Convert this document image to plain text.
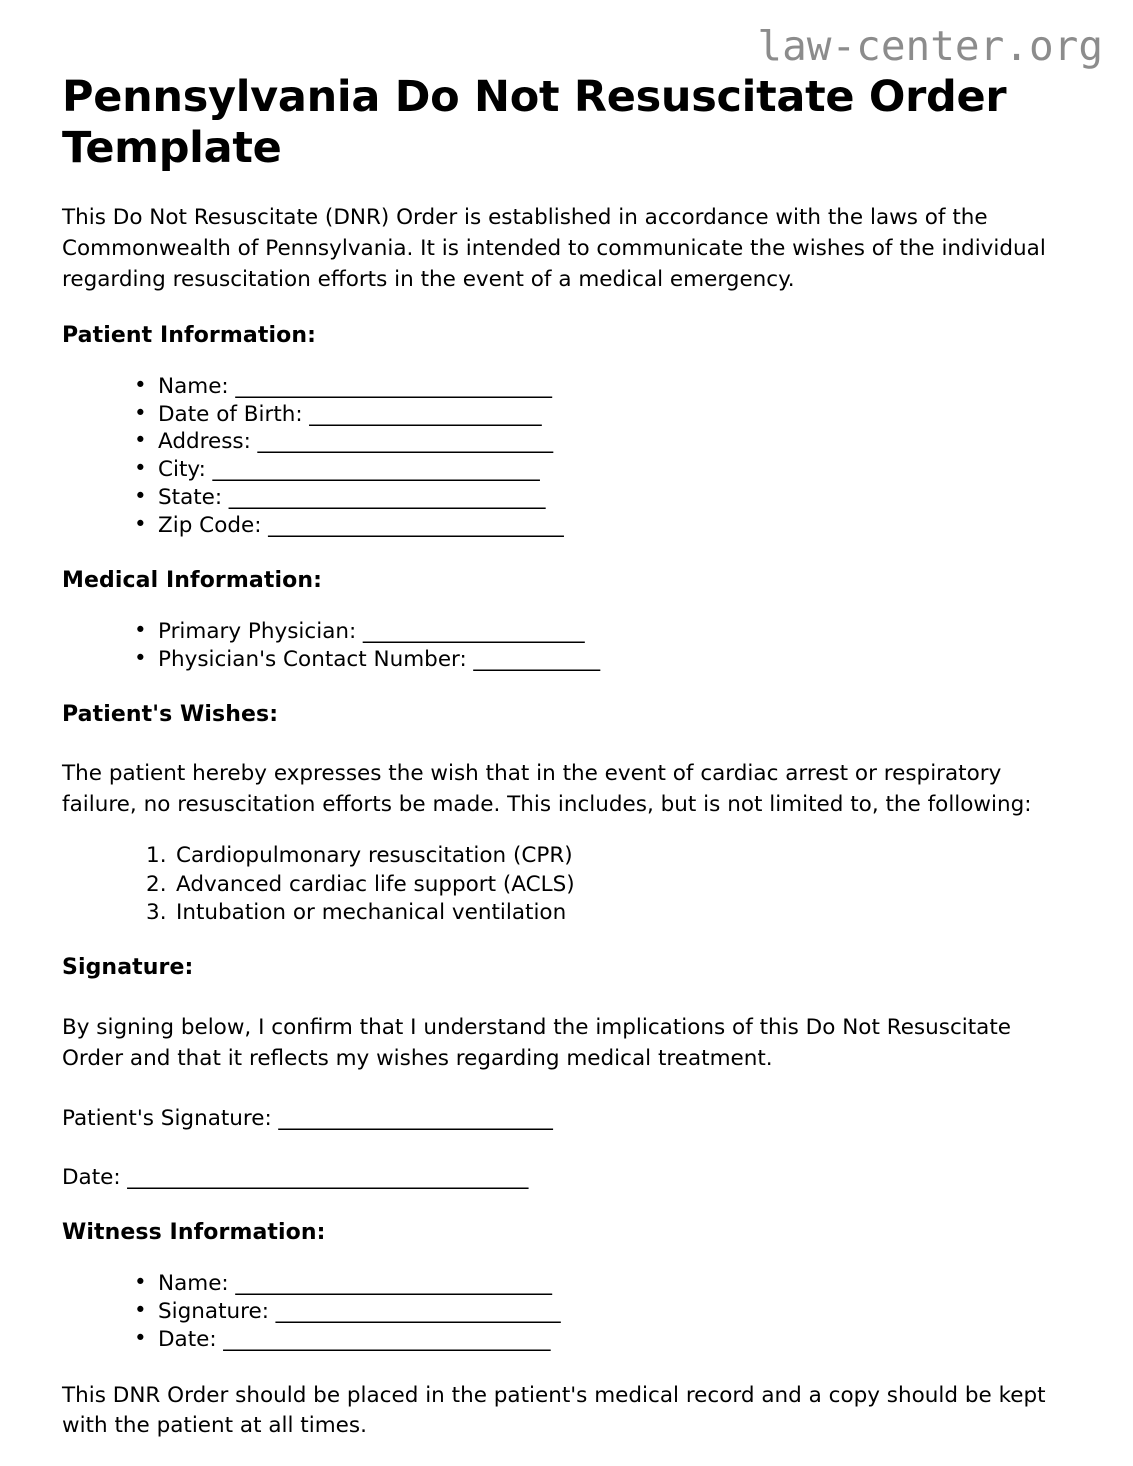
law-center.org
Pennsylvania Do Not Resuscitate Order Template

This Do Not Resuscitate (DNR) Order is established in accordance with the laws of the Commonwealth of Pennsylvania. It is intended to communicate the wishes of the individual regarding resuscitation efforts in the event of a medical emergency.

Patient Information:
• Name: ______________________________
• Date of Birth: ______________________
• Address: ____________________________
• City: _______________________________
• State: ______________________________
• Zip Code: ____________________________
Medical Information:
• Primary Physician: _____________________
• Physician's Contact Number: ____________
Patient's Wishes:

The patient hereby expresses the wish that in the event of cardiac arrest or respiratory failure, no resuscitation efforts be made. This includes, but is not limited to, the following:

Cardiopulmonary resuscitation (CPR)
Advanced cardiac life support (ACLS)
Intubation or mechanical ventilation
Signature:

By signing below, I confirm that I understand the implications of this Do Not Resuscitate Order and that it reflects my wishes regarding medical treatment.

Patient's Signature: __________________________

Date: ______________________________________

Witness Information:
• Name: ______________________________
• Signature: ___________________________
• Date: _______________________________

This DNR Order should be placed in the patient's medical record and a copy should be kept with the patient at all times.
